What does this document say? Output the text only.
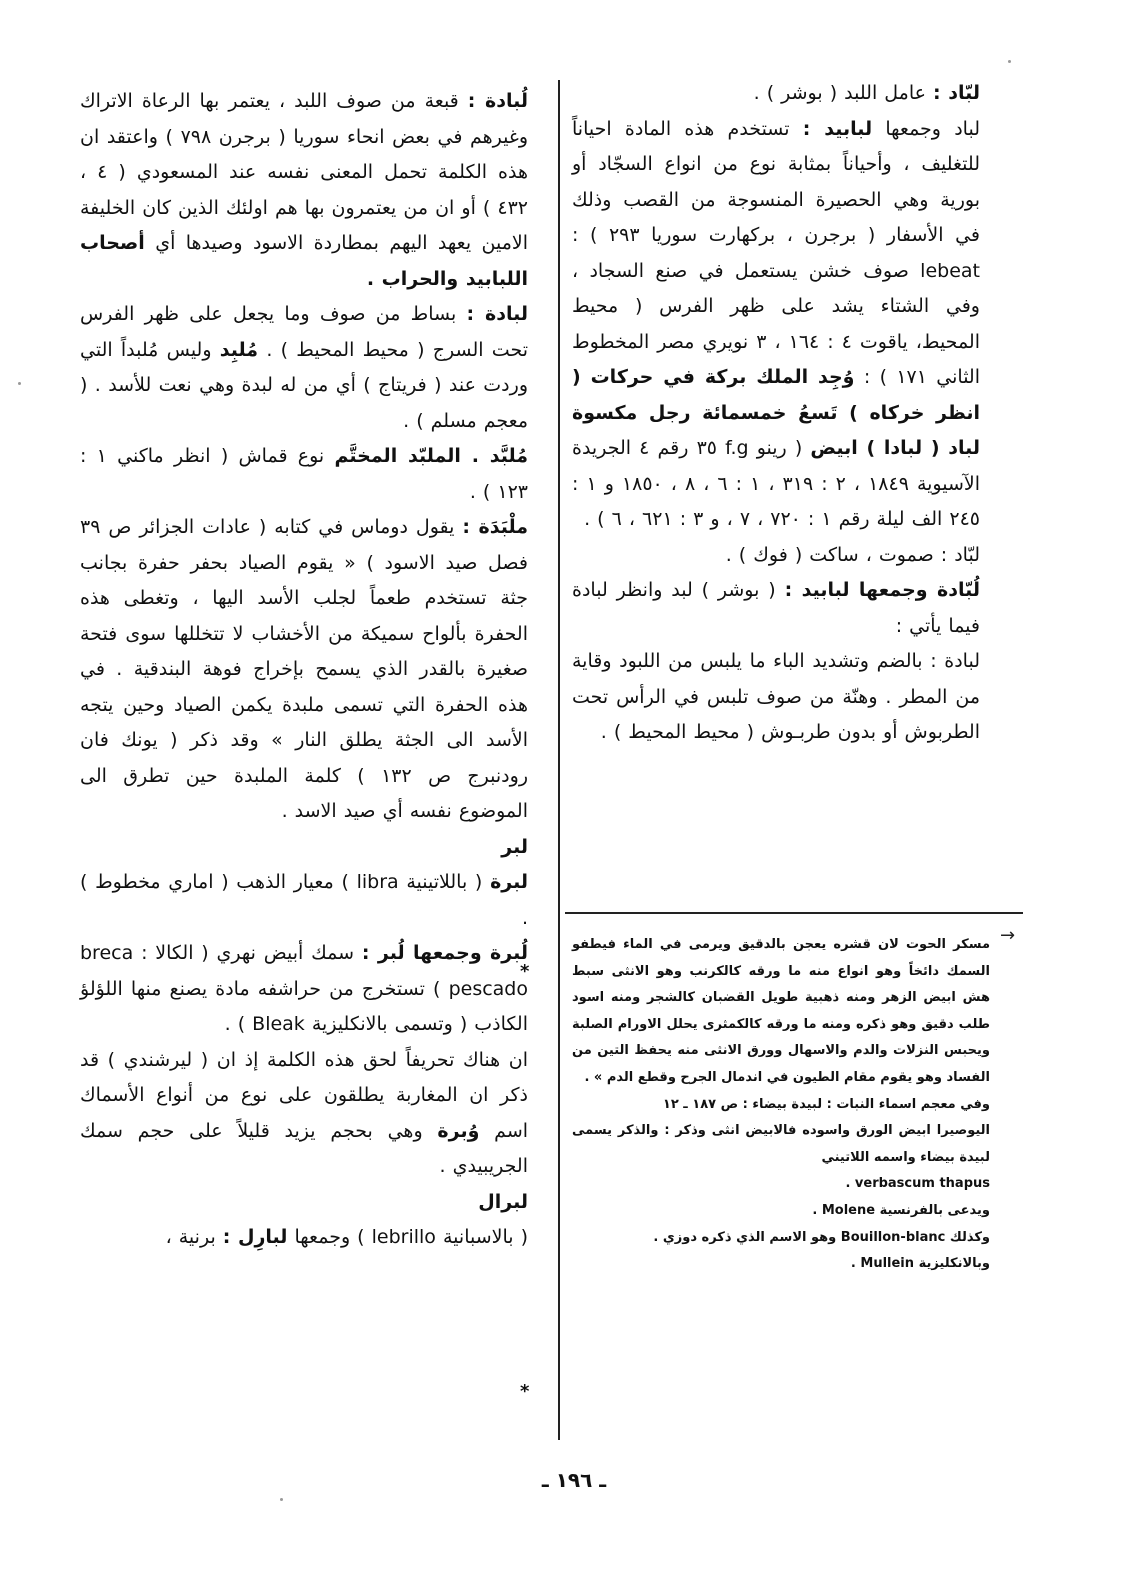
لبّاد : عامل اللبد ( بوشر ) .

لباد وجمعها لبابيد : تستخدم هذه المادة احياناً للتغليف ، وأحياناً بمثابة نوع من انواع السجّاد أو بورية وهي الحصيرة المنسوجة من القصب وذلك في الأسفار ( برجرن ، بركهارت سوريا ٢٩٣ ) : lebeat صوف خشن يستعمل في صنع السجاد ، وفي الشتاء يشد على ظهر الفرس ( محيط المحيط، ياقوت ٤ : ١٦٤ ، ٣ نويري مصر المخطوط الثاني ١٧١ ) : وُجِد الملك بركة في حركات ( انظر خركاه ) تَسعُ خمسمائة رجل مكسوة لباد ( لبادا ) ابيض ( رينو f.g ٣٥ رقم ٤ الجريدة الآسيوية ١٨٤٩ ، ٢ : ٣١٩ ، ١ : ٦ ، ٨ ، ١٨٥٠ و ١ : ٢٤٥ الف ليلة رقم ١ : ٧٢٠ ، ٧ ، و ٣ : ٦٢١ ، ٦ ) .

لبّاد : صموت ، ساكت ( فوك ) .

لُبّادة وجمعها لبابيد : ( بوشر ) لبد وانظر لبادة فيما يأتي :

لبادة : بالضم وتشديد الباء ما يلبس من اللبود وقاية من المطر . وهنّة من صوف تلبس في الرأس تحت الطربوش أو بدون طربـوش ( محيط المحيط ) .

→

مسكر الحوت لان قشره يعجن بالدقيق ويرمى في الماء فيطفو السمك دائخاً وهو انواع منه ما ورقه كالكرنب وهو الانثى سبط هش ابيض الزهر ومنه ذهبية طويل القضبان كالشجر ومنه اسود طلب دقيق وهو ذكره ومنه ما ورقه كالكمثرى يحلل الاورام الصلبة ويحبس النزلات والدم والاسهال وورق الانثى منه يحفظ التين من الفساد وهو يقوم مقام الطيون في اندمال الجرح وقطع الدم » .

وفي معجم اسماء النبات : لبيدة بيضاء : ص ١٨٧ ـ ١٢

اليوصيرا ابيض الورق واسوده فالابيض انثى وذكر : والذكر يسمى لبيدة بيضاء واسمه اللاتيني
verbascum thapus .

ويدعى بالفرنسية Molene .

وكذلك Bouillon-blanc وهو الاسم الذي ذكره دوزي .

وبالانكليزية Mullein .

لُبادة : قبعة من صوف اللبد ، يعتمر بها الرعاة الاتراك وغيرهم في بعض انحاء سوريا ( برجرن ٧٩٨ ) واعتقد ان هذه الكلمة تحمل المعنى نفسه عند المسعودي ( ٤ ، ٤٣٢ ) أو ان من يعتمرون بها هم اولئك الذين كان الخليفة الامين يعهد اليهم بمطاردة الاسود وصيدها أي أصحاب اللبابيد والحراب .

لبادة : بساط من صوف وما يجعل على ظهر الفرس تحت السرج ( محيط المحيط ) . مُلبِد وليس مُلبداً التي وردت عند ( فريتاج ) أي من له لبدة وهي نعت للأسد . ( معجم مسلم ) .

مُلبَّد . الملبّد المختَّم نوع قماش ( انظر ماكني ١ : ١٢٣ ) .

ملْبَدَة : يقول دوماس في كتابه ( عادات الجزائر ص ٣٩ فصل صيد الاسود ) « يقوم الصياد بحفر حفرة بجانب جثة تستخدم طعماً لجلب الأسد اليها ، وتغطى هذه الحفرة بألواح سميكة من الأخشاب لا تتخللها سوى فتحة صغيرة بالقدر الذي يسمح بإخراج فوهة البندقية . في هذه الحفرة التي تسمى ملبدة يكمن الصياد وحين يتجه الأسد الى الجثة يطلق النار » وقد ذكر ( يونك فان رودنبرج ص ١٣٢ ) كلمة الملبدة حين تطرق الى الموضوع نفسه أي صيد الاسد .

لبر

لبرة ( باللاتينية libra ) معيار الذهب ( اماري مخطوط ) .

لُبرة وجمعها لُبر : سمك أبيض نهري ( الكالا : breca pescado ) تستخرج من حراشفه مادة يصنع منها اللؤلؤ الكاذب ( وتسمى بالانكليزية Bleak ) .

ان هناك تحريفاً لحق هذه الكلمة إذ ان ( ليرشندي ) قد ذكر ان المغاربة يطلقون على نوع من أنواع الأسماك اسم وُبرة وهي بحجم يزيد قليلاً على حجم سمك الجريبيدي .

لبرال

( بالاسبانية lebrillo ) وجمعها لبارِل : برنية ،

*
*
ـ ١٩٦ ـ
